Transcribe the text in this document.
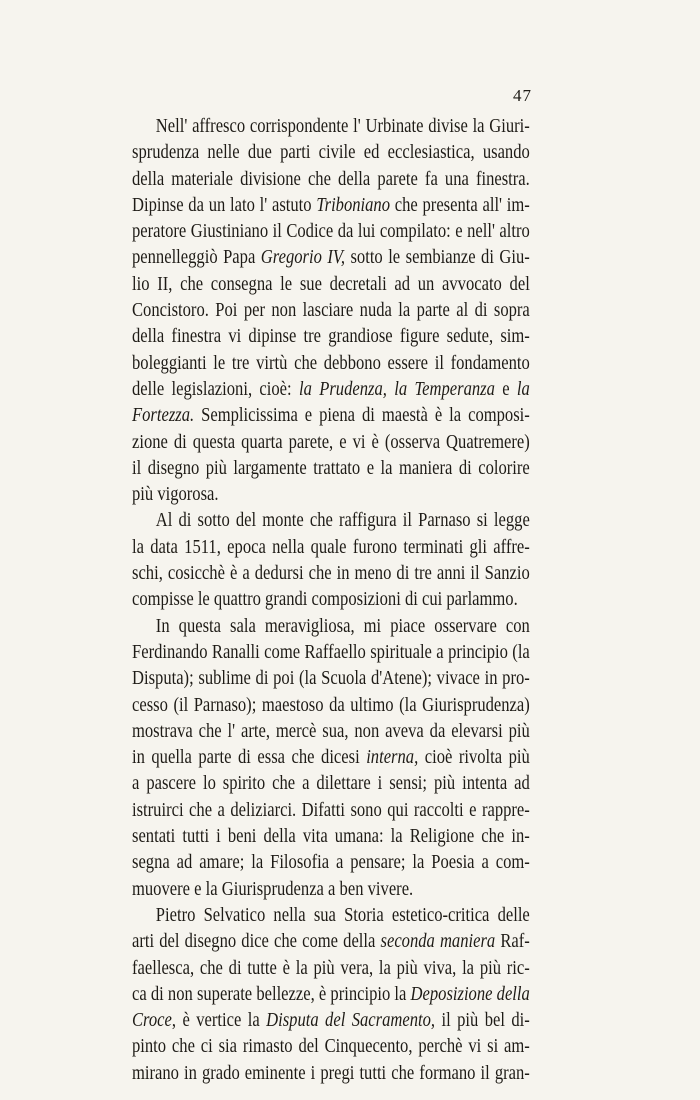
47
Nell' affresco corrispondente l' Urbinate divise la Giuri-
sprudenza nelle due parti civile ed ecclesiastica, usando
della materiale divisione che della parete fa una finestra.
Dipinse da un lato l' astuto Triboniano che presenta all' im-
peratore Giustiniano il Codice da lui compilato: e nell' altro
pennelleggiò Papa Gregorio IV, sotto le sembianze di Giu-
lio II, che consegna le sue decretali ad un avvocato del
Concistoro. Poi per non lasciare nuda la parte al di sopra
della finestra vi dipinse tre grandiose figure sedute, sim-
boleggianti le tre virtù che debbono essere il fondamento
delle legislazioni, cioè: la Prudenza, la Temperanza e la
Fortezza. Semplicissima e piena di maestà è la composi-
zione di questa quarta parete, e vi è (osserva Quatremere)
il disegno più largamente trattato e la maniera di colorire
più vigorosa.
Al di sotto del monte che raffigura il Parnaso si legge
la data 1511, epoca nella quale furono terminati gli affre-
schi, cosicchè è a dedursi che in meno di tre anni il Sanzio
compisse le quattro grandi composizioni di cui parlammo.
In questa sala meravigliosa, mi piace osservare con
Ferdinando Ranalli come Raffaello spirituale a principio (la
Disputa); sublime di poi (la Scuola d'Atene); vivace in pro-
cesso (il Parnaso); maestoso da ultimo (la Giurisprudenza)
mostrava che l' arte, mercè sua, non aveva da elevarsi più
in quella parte di essa che dicesi interna, cioè rivolta più
a pascere lo spirito che a dilettare i sensi; più intenta ad
istruirci che a deliziarci. Difatti sono qui raccolti e rappre-
sentati tutti i beni della vita umana: la Religione che in-
segna ad amare; la Filosofia a pensare; la Poesia a com-
muovere e la Giurisprudenza a ben vivere.
Pietro Selvatico nella sua Storia estetico-critica delle
arti del disegno dice che come della seconda maniera Raf-
faellesca, che di tutte è la più vera, la più viva, la più ric-
ca di non superate bellezze, è principio la Deposizione della
Croce, è vertice la Disputa del Sacramento, il più bel di-
pinto che ci sia rimasto del Cinquecento, perchè vi si am-
mirano in grado eminente i pregi tutti che formano il gran-
